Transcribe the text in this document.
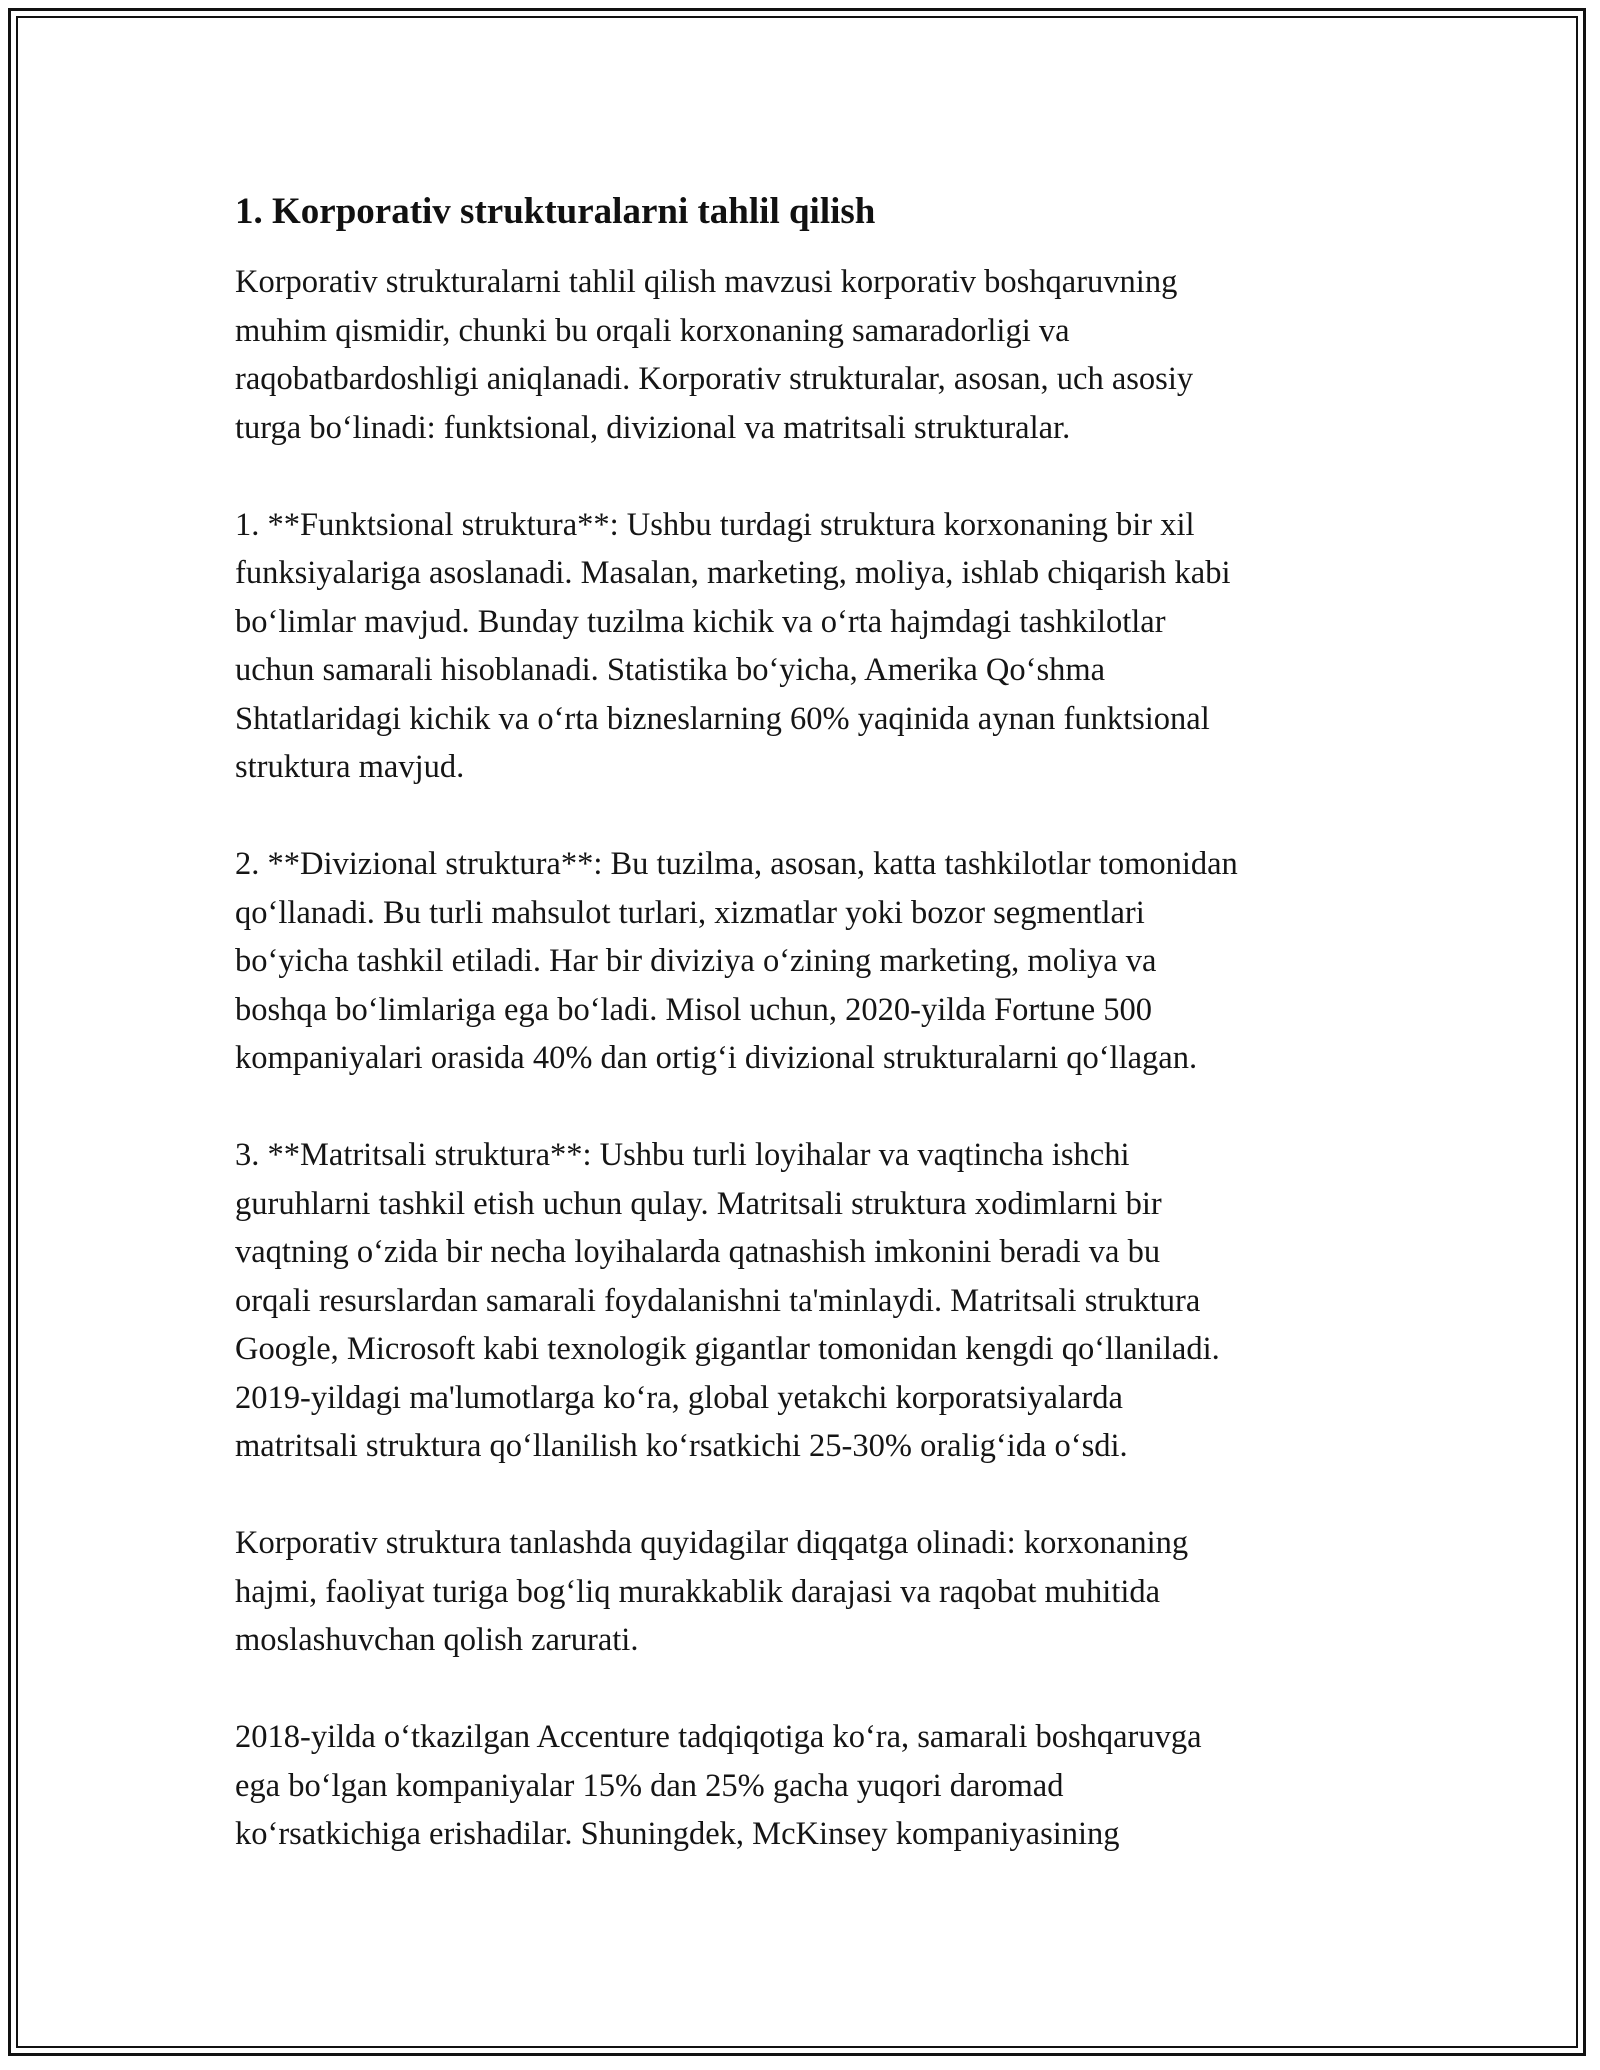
1. Korporativ strukturalarni tahlil qilish
Korporativ strukturalarni tahlil qilish mavzusi korporativ boshqaruvning
muhim qismidir, chunki bu orqali korxonaning samaradorligi va
raqobatbardoshligi aniqlanadi. Korporativ strukturalar, asosan, uch asosiy
turga boʻlinadi: funktsional, divizional va matritsali strukturalar.
1. **Funktsional struktura**: Ushbu turdagi struktura korxonaning bir xil
funksiyalariga asoslanadi. Masalan, marketing, moliya, ishlab chiqarish kabi
boʻlimlar mavjud. Bunday tuzilma kichik va oʻrta hajmdagi tashkilotlar
uchun samarali hisoblanadi. Statistika boʻyicha, Amerika Qoʻshma
Shtatlaridagi kichik va oʻrta bizneslarning 60% yaqinida aynan funktsional
struktura mavjud.
2. **Divizional struktura**: Bu tuzilma, asosan, katta tashkilotlar tomonidan
qoʻllanadi. Bu turli mahsulot turlari, xizmatlar yoki bozor segmentlari
boʻyicha tashkil etiladi. Har bir diviziya oʻzining marketing, moliya va
boshqa boʻlimlariga ega boʻladi. Misol uchun, 2020-yilda Fortune 500
kompaniyalari orasida 40% dan ortigʻi divizional strukturalarni qoʻllagan.
3. **Matritsali struktura**: Ushbu turli loyihalar va vaqtincha ishchi
guruhlarni tashkil etish uchun qulay. Matritsali struktura xodimlarni bir
vaqtning oʻzida bir necha loyihalarda qatnashish imkonini beradi va bu
orqali resurslardan samarali foydalanishni ta'minlaydi. Matritsali struktura
Google, Microsoft kabi texnologik gigantlar tomonidan kengdi qoʻllaniladi.
2019-yildagi ma'lumotlarga koʻra, global yetakchi korporatsiyalarda
matritsali struktura qoʻllanilish koʻrsatkichi 25-30% oraligʻida oʻsdi.
Korporativ struktura tanlashda quyidagilar diqqatga olinadi: korxonaning
hajmi, faoliyat turiga bogʻliq murakkablik darajasi va raqobat muhitida
moslashuvchan qolish zarurati.
2018-yilda oʻtkazilgan Accenture tadqiqotiga koʻra, samarali boshqaruvga
ega boʻlgan kompaniyalar 15% dan 25% gacha yuqori daromad
koʻrsatkichiga erishadilar. Shuningdek, McKinsey kompaniyasining
